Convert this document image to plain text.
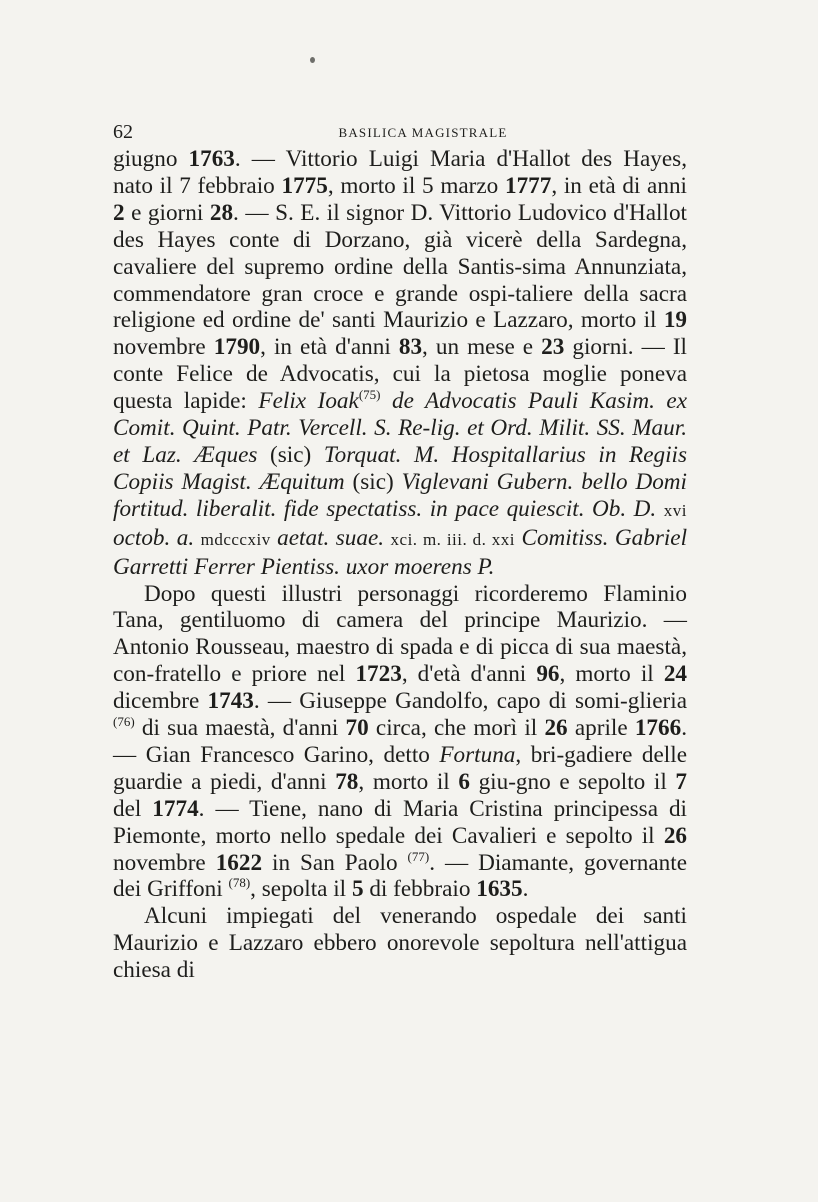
62	BASILICA MAGISTRALE

giugno 1763. — Vittorio Luigi Maria d'Hallot des Hayes, nato il 7 febbraio 1775, morto il 5 marzo 1777, in età di anni 2 e giorni 28. — S. E. il signor D. Vittorio Ludovico d'Hallot des Hayes conte di Dorzano, già vicerè della Sardegna, cavaliere del supremo ordine della Santis-sima Annunziata, commendatore gran croce e grande ospi-taliere della sacra religione ed ordine de' santi Maurizio e Lazzaro, morto il 19 novembre 1790, in età d'anni 83, un mese e 23 giorni. — Il conte Felice de Advocatis, cui la pietosa moglie poneva questa lapide: Felix Ioak$^{(75)}$ de Advocatis Pauli Kasim. ex Comit. Quint. Patr. Vercell. S. Re-lig. et Ord. Milit. SS. Maur. et Laz. Æques (sic) Torquat. M. Hospitallarius in Regiis Copiis Magist. Æquitum (sic) Viglevani Gubern. bello Domi fortitud. liberalit. fide spectatiss. in pace quiescit. Ob. D. xvi octob. a. mdcccxiv aetat. suae. xci. m. iii. d. xxi Comitiss. Gabriel Garretti Ferrer Pientiss. uxor moerens P.

Dopo questi illustri personaggi ricorderemo Flaminio Tana, gentiluomo di camera del principe Maurizio. — Antonio Rousseau, maestro di spada e di picca di sua maestà, con-fratello e priore nel 1723, d'età d'anni 96, morto il 24 dicembre 1743. — Giuseppe Gandolfo, capo di somi-glieria $^{(76)}$ di sua maestà, d'anni 70 circa, che morì il 26 aprile 1766. — Gian Francesco Garino, detto Fortuna, bri-gadiere delle guardie a piedi, d'anni 78, morto il 6 giu-gno e sepolto il 7 del 1774. — Tiene, nano di Maria Cristina principessa di Piemonte, morto nello spedale dei Cavalieri e sepolto il 26 novembre 1622 in San Paolo $^{(77)}$. — Diamante, governante dei Griffoni $^{(78)}$, sepolta il 5 di febbraio 1635.

Alcuni impiegati del venerando ospedale dei santi Maurizio e Lazzaro ebbero onorevole sepoltura nell'attigua chiesa di
